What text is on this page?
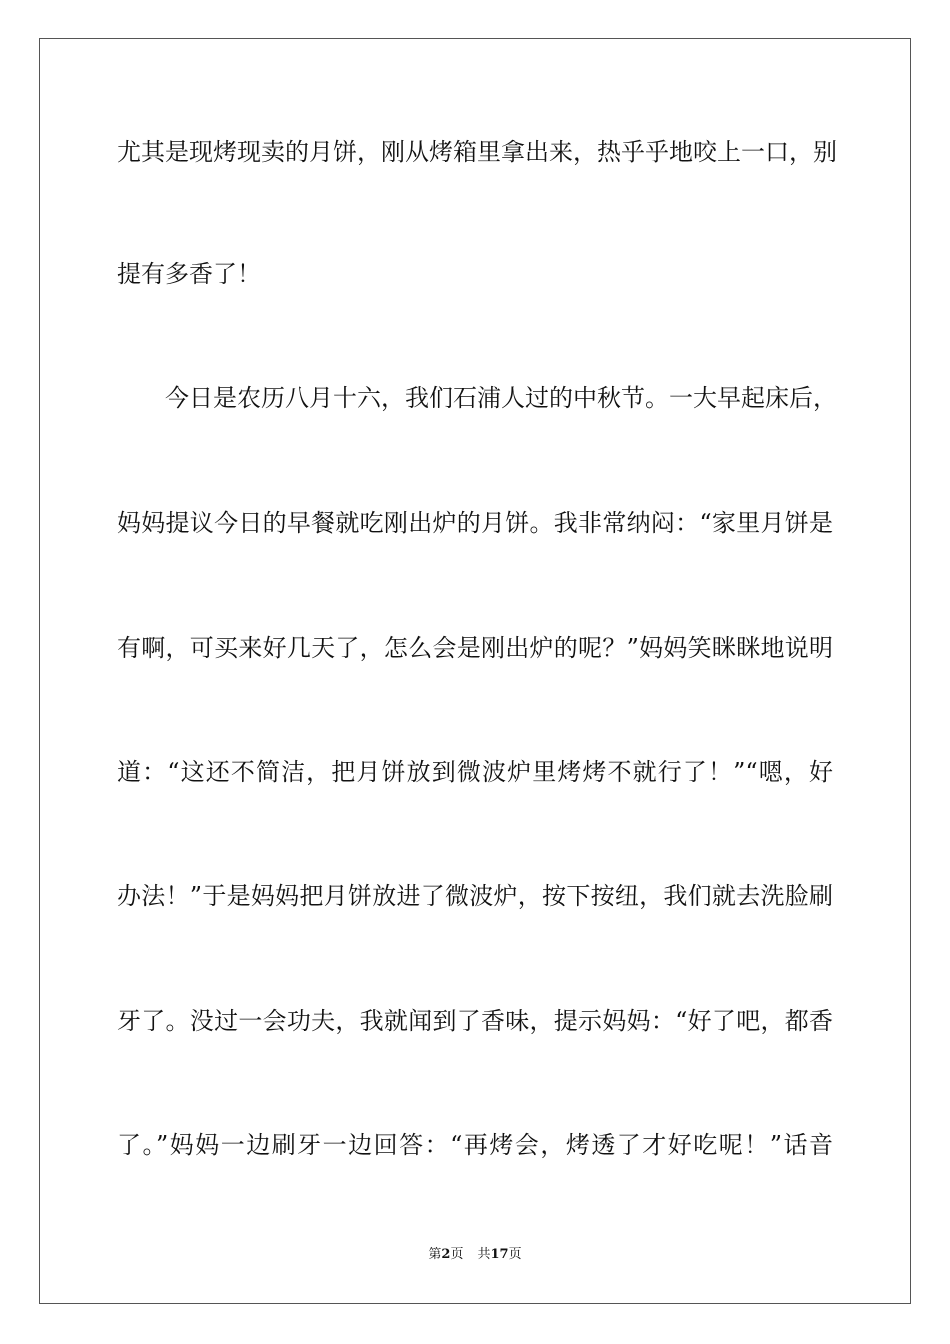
尤其是现烤现卖的月饼，刚从烤箱里拿出来，热乎乎地咬上一口，别
提有多香了！
　　今日是农历八月十六，我们石浦人过的中秋节。一大早起床后，
妈妈提议今日的早餐就吃刚出炉的月饼。我非常纳闷：“家里月饼是
有啊，可买来好几天了，怎么会是刚出炉的呢？”妈妈笑眯眯地说明
道：“这还不简洁，把月饼放到微波炉里烤烤不就行了！”“嗯，好
办法！”于是妈妈把月饼放进了微波炉，按下按纽，我们就去洗脸刷
牙了。没过一会功夫，我就闻到了香味，提示妈妈：“好了吧，都香
了。”妈妈一边刷牙一边回答：“再烤会，烤透了才好吃呢！”话音
第2页 共17页
